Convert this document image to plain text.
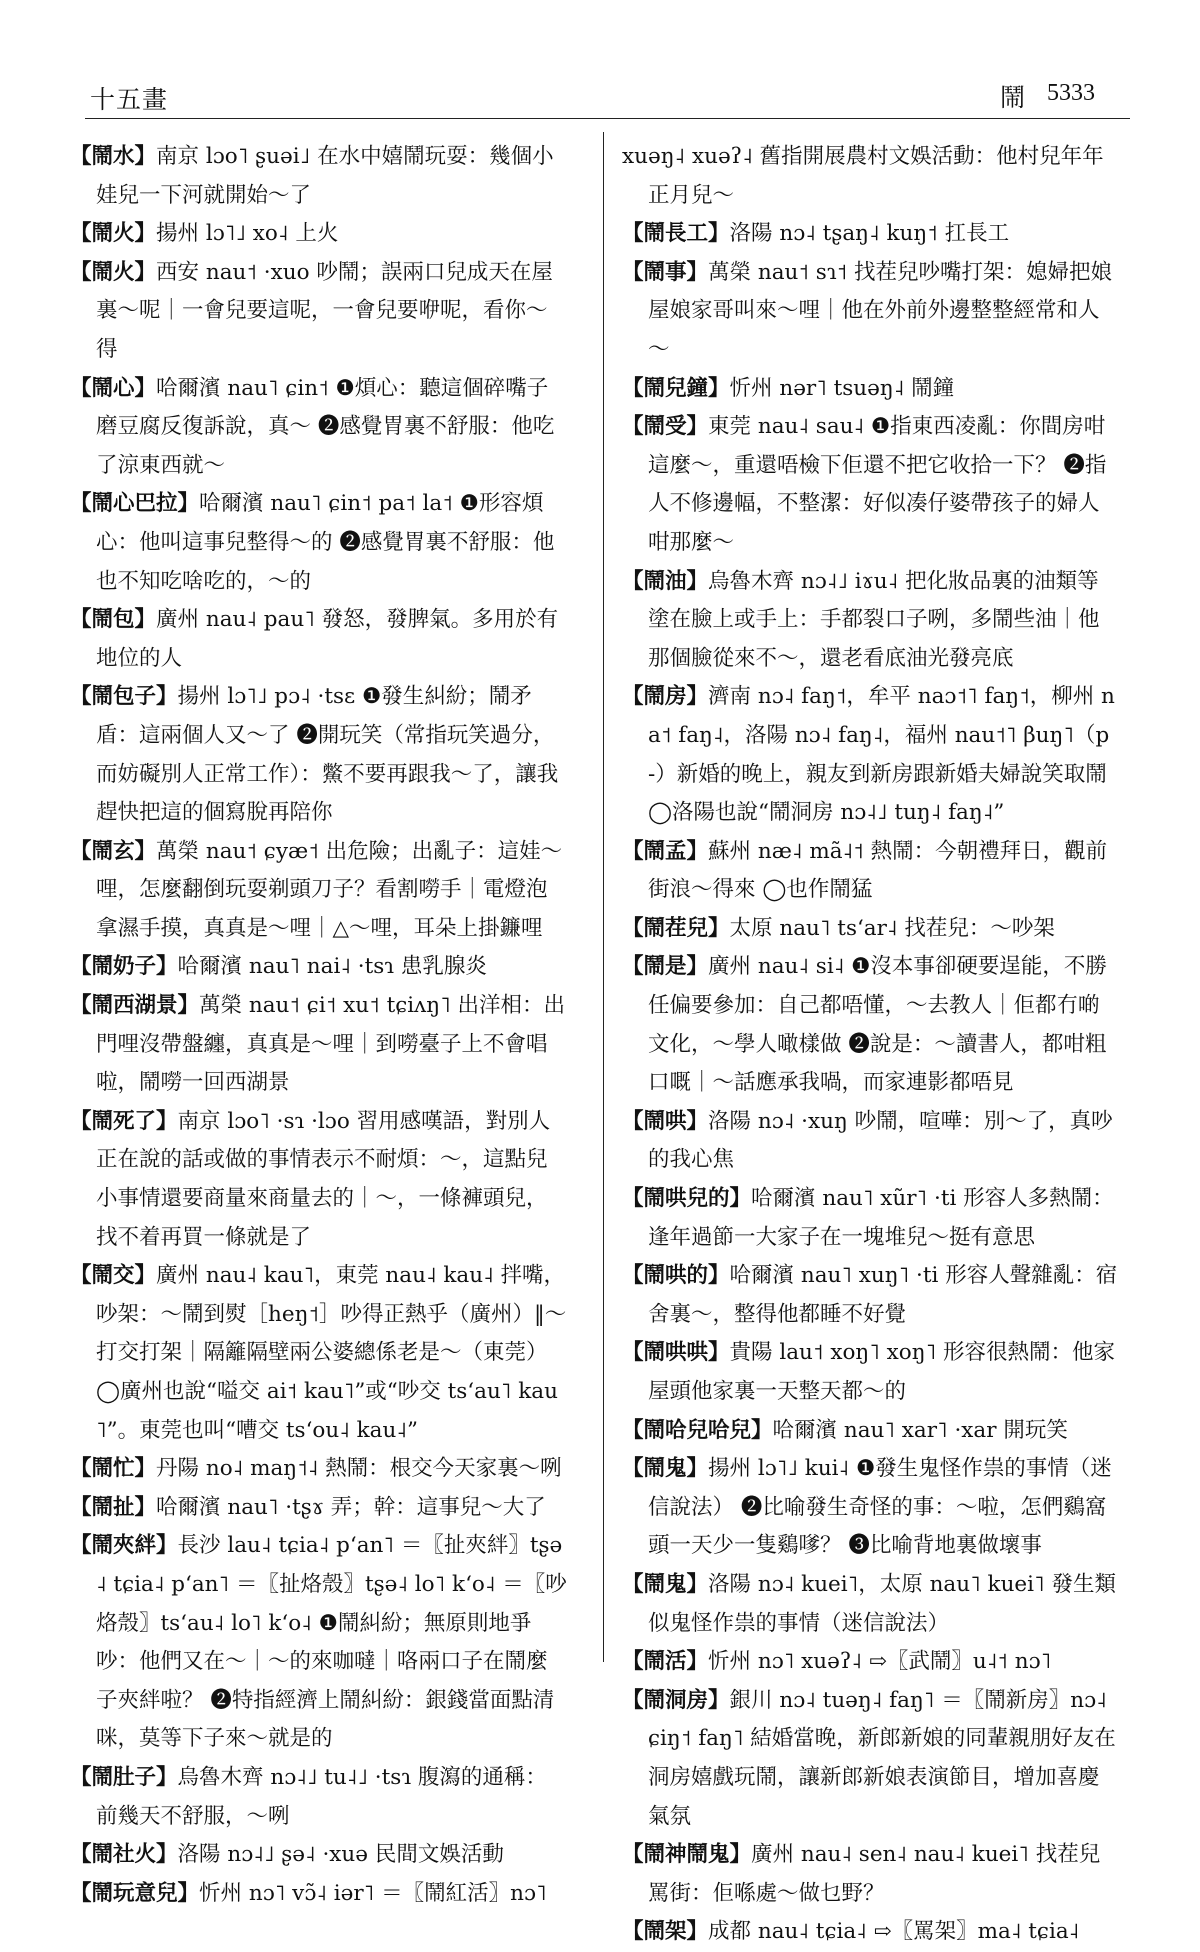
十五畫	鬧 5333

【鬧水】南京 lɔo˥ ʂuəi˩ 在水中嬉鬧玩耍：幾個小娃兒一下河就開始～了

【鬧火】揚州 lɔ˥˩ xo˨ 上火

【鬧火】西安 nau˦ ·xuo 吵鬧；誤兩口兒成天在屋裏～呢｜一會兒要這呢，一會兒要咿呢，看你～得

【鬧心】哈爾濱 nau˥ ɕin˦ ❶煩心：聽這個碎嘴子磨豆腐反復訴說，真～ ❷感覺胃裏不舒服：他吃了涼東西就～

【鬧心巴拉】哈爾濱 nau˥ ɕin˦ pa˦ la˦ ❶形容煩心：他叫這事兒整得～的 ❷感覺胃裏不舒服：他也不知吃啥吃的，～的

【鬧包】廣州 nau˨ pau˥ 發怒，發脾氣。多用於有地位的人

【鬧包子】揚州 lɔ˥˩ pɔ˨ ·tsɛ ❶發生糾紛；鬧矛盾：這兩個人又～了 ❷開玩笑（常指玩笑過分，而妨礙別人正常工作）：鱉不要再跟我～了，讓我趕快把這的個寫脫再陪你

【鬧玄】萬榮 nau˦ ɕyæ˦ 出危險；出亂子：這娃～哩，怎麼翻倒玩耍剃頭刀子？看割嘮手｜電燈泡拿濕手摸，真真是～哩｜△～哩，耳朵上掛鐮哩

【鬧奶子】哈爾濱 nau˥ nai˨ ·tsɿ 患乳腺炎

【鬧西湖景】萬榮 nau˦ ɕi˦ xu˦ tɕiʌŋ˥ 出洋相：出門哩沒帶盤纏，真真是～哩｜到嘮臺子上不會唱啦，鬧嘮一回西湖景

【鬧死了】南京 lɔo˥ ·sɿ ·lɔo 習用感嘆語，對別人正在說的話或做的事情表示不耐煩：～，這點兒小事情還要商量來商量去的｜～，一條褲頭兒，找不着再買一條就是了

【鬧交】廣州 nau˨ kau˥，東莞 nau˨ kau˨ 拌嘴，吵架：～鬧到熨［heŋ˦］吵得正熱乎（廣州）‖～打交打架｜隔籬隔壁兩公婆總係老是～（東莞）◯廣州也說“嗌交 ai˦ kau˥”或“吵交 tsʻau˥ kau˥”。東莞也叫“嘈交 tsʻou˨ kau˨”

【鬧忙】丹陽 no˨ maŋ˦˨ 熱鬧：根交今天家裏～咧

【鬧扯】哈爾濱 nau˥ ·tʂɤ 弄；幹：這事兒～大了

【鬧夾絆】長沙 lau˨ tɕia˨ pʻan˥ ＝〖扯夾絆〗tʂə˨ tɕia˨ pʻan˥ ＝〖扯烙殼〗tʂə˨ lo˥ kʻo˨ ＝〖吵烙殼〗tsʻau˨ lo˥ kʻo˨ ❶鬧糾紛；無原則地爭吵：他們又在～｜～的來咖噠｜咯兩口子在鬧麼子夾絆啦？ ❷特指經濟上鬧糾紛：銀錢當面點清咪，莫等下子來～就是的

【鬧肚子】烏魯木齊 nɔ˨˩ tu˨˩ ·tsɿ 腹瀉的通稱：前幾天不舒服，～咧

【鬧社火】洛陽 nɔ˨˩ ʂə˨ ·xuə 民間文娛活動

【鬧玩意兒】忻州 nɔ˥ vɔ̃˨ iər˥ ＝〖鬧紅活〗nɔ˥

xuəŋ˨ xuəʔ˨ 舊指開展農村文娛活動：他村兒年年正月兒～

【鬧長工】洛陽 nɔ˨ tʂaŋ˨ kuŋ˦ 扛長工

【鬧事】萬榮 nau˦ sɿ˦ 找茬兒吵嘴打架：媳婦把娘屋娘家哥叫來～哩｜他在外前外邊整整經常和人～

【鬧兒鐘】忻州 nər˥ tsuəŋ˨ 鬧鐘

【鬧受】東莞 nau˨ sau˨ ❶指東西凌亂：你間房咁這麼～，重還唔檢下佢還不把它收拾一下？ ❷指人不修邊幅，不整潔：好似凑仔婆帶孩子的婦人咁那麼～

【鬧油】烏魯木齊 nɔ˨˩ iɤu˨ 把化妝品裏的油類等塗在臉上或手上：手都裂口子咧，多鬧些油｜他那個臉從來不～，還老看底油光發亮底

【鬧房】濟南 nɔ˨ faŋ˦，牟平 naɔ˦˥ faŋ˦，柳州 na˦ faŋ˨，洛陽 nɔ˨ faŋ˨，福州 nau˦˥ βuŋ˥（p-）新婚的晚上，親友到新房跟新婚夫婦說笑取鬧 ◯洛陽也說“鬧洞房 nɔ˨˩ tuŋ˨ faŋ˨”

【鬧孟】蘇州 næ˨ mã˨˦ 熱鬧：今朝禮拜日，觀前街浪～得來 ◯也作鬧猛

【鬧茬兒】太原 nau˥ tsʻar˨ 找茬兒：～吵架

【鬧是】廣州 nau˨ si˨ ❶沒本事卻硬要逞能，不勝任偏要參加：自己都唔懂，～去教人｜佢都冇啲文化，～學人噉樣做 ❷說是：～讀書人，都咁粗口嘅｜～話應承我喎，而家連影都唔見

【鬧哄】洛陽 nɔ˨ ·xuŋ 吵鬧，喧嘩：別～了，真吵的我心焦

【鬧哄兒的】哈爾濱 nau˥ xũr˥ ·ti 形容人多熱鬧：逢年過節一大家子在一塊堆兒～挺有意思

【鬧哄的】哈爾濱 nau˥ xuŋ˥ ·ti 形容人聲雜亂：宿舍裏～，整得他都睡不好覺

【鬧哄哄】貴陽 lau˦ xoŋ˥ xoŋ˥ 形容很熱鬧：他家屋頭他家裏一天整天都～的

【鬧哈兒哈兒】哈爾濱 nau˥ xar˥ ·xar 開玩笑

【鬧鬼】揚州 lɔ˥˩ kui˨ ❶發生鬼怪作祟的事情（迷信說法） ❷比喻發生奇怪的事：～啦，怎們鷄窩頭一天少一隻鷄嗲？ ❸比喻背地裏做壞事

【鬧鬼】洛陽 nɔ˨ kuei˥，太原 nau˥ kuei˥ 發生類似鬼怪作祟的事情（迷信說法）

【鬧活】忻州 nɔ˥ xuəʔ˨ ⇨〖武鬧〗u˨˦ nɔ˥

【鬧洞房】銀川 nɔ˨ tuəŋ˨ faŋ˥ ＝〖鬧新房〗nɔ˨ ɕiŋ˦ faŋ˥ 結婚當晚，新郎新娘的同輩親朋好友在洞房嬉戲玩鬧，讓新郎新娘表演節目，增加喜慶氣氛

【鬧神鬧鬼】廣州 nau˨ sen˨ nau˨ kuei˥ 找茬兒罵街：佢喺處～做乜野？

【鬧架】成都 nau˨ tɕia˨ ⇨〖罵架〗ma˨ tɕia˨
